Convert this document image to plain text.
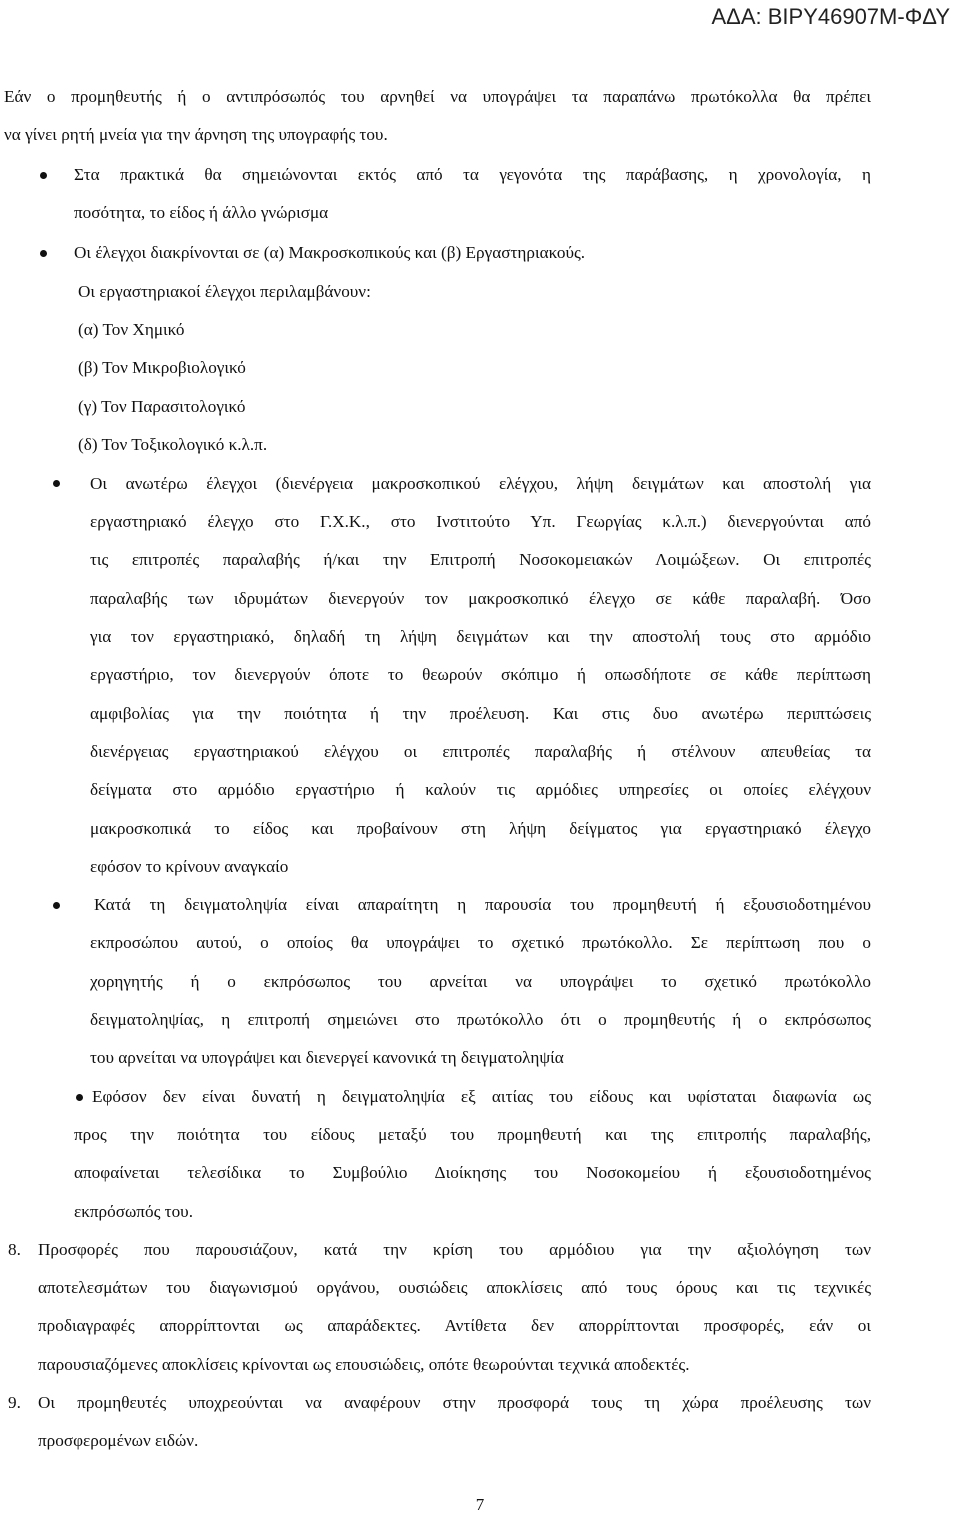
ΑΔΑ: ΒΙΡΥ46907Μ-ΦΔΥ
Εάν ο προμηθευτής ή ο αντιπρόσωπός του αρνηθεί να υπογράψει τα παραπάνω πρωτόκολλα θα πρέπει
να γίνει ρητή μνεία για την άρνηση της υπογραφής του.
Στα πρακτικά θα σημειώνονται εκτός από τα γεγονότα της παράβασης, η χρονολογία, η
ποσότητα, το είδος ή άλλο γνώρισμα
Οι έλεγχοι διακρίνονται σε (α) Μακροσκοπικούς και (β) Εργαστηριακούς.
Οι εργαστηριακοί έλεγχοι περιλαμβάνουν:
(α) Τον Χημικό
(β) Τον Μικροβιολογικό
(γ) Τον Παρασιτολογικό
(δ) Τον Τοξικολογικό κ.λ.π.
Οι ανωτέρω έλεγχοι (διενέργεια μακροσκοπικού ελέγχου, λήψη δειγμάτων και αποστολή για
εργαστηριακό έλεγχο στο Γ.Χ.Κ., στο Ινστιτούτο Υπ. Γεωργίας κ.λ.π.) διενεργούνται από
τις επιτροπές παραλαβής ή/και την Επιτροπή Νοσοκομειακών Λοιμώξεων. Οι επιτροπές
παραλαβής των ιδρυμάτων διενεργούν τον μακροσκοπικό έλεγχο σε κάθε παραλαβή. Όσο
για τον εργαστηριακό, δηλαδή τη λήψη δειγμάτων και την αποστολή τους στο αρμόδιο
εργαστήριο, τον διενεργούν όποτε το θεωρούν σκόπιμο ή οπωσδήποτε σε κάθε περίπτωση
αμφιβολίας για την ποιότητα ή την προέλευση. Και στις δυο ανωτέρω περιπτώσεις
διενέργειας εργαστηριακού ελέγχου οι επιτροπές παραλαβής ή στέλνουν απευθείας τα
δείγματα στο αρμόδιο εργαστήριο ή καλούν τις αρμόδιες υπηρεσίες οι οποίες ελέγχουν
μακροσκοπικά το είδος και προβαίνουν στη λήψη δείγματος για εργαστηριακό έλεγχο
εφόσον το κρίνουν αναγκαίο
Κατά τη δειγματοληψία είναι απαραίτητη η παρουσία του προμηθευτή ή εξουσιοδοτημένου
εκπροσώπου αυτού, ο οποίος θα υπογράψει το σχετικό πρωτόκολλο. Σε περίπτωση που ο
χορηγητής ή ο εκπρόσωπος του αρνείται να υπογράψει το σχετικό πρωτόκολλο
δειγματοληψίας, η επιτροπή σημειώνει στο πρωτόκολλο ότι ο προμηθευτής ή ο εκπρόσωπος
του αρνείται να υπογράψει και διενεργεί κανονικά τη δειγματοληψία
Εφόσον δεν είναι δυνατή η δειγματοληψία εξ αιτίας του είδους και υφίσταται διαφωνία ως
προς την ποιότητα του είδους μεταξύ του προμηθευτή και της επιτροπής παραλαβής,
αποφαίνεται τελεσίδικα το Συμβούλιο Διοίκησης του Νοσοκομείου ή εξουσιοδοτημένος
εκπρόσωπός του.
8. Προσφορές που παρουσιάζουν, κατά την κρίση του αρμόδιου για την αξιολόγηση των
αποτελεσμάτων του διαγωνισμού οργάνου, ουσιώδεις αποκλίσεις από τους όρους και τις τεχνικές
προδιαγραφές απορρίπτονται ως απαράδεκτες. Αντίθετα δεν απορρίπτονται προσφορές, εάν οι
παρουσιαζόμενες αποκλίσεις κρίνονται ως επουσιώδεις, οπότε θεωρούνται τεχνικά αποδεκτές.
9. Οι προμηθευτές υποχρεούνται να αναφέρουν στην προσφορά τους τη χώρα προέλευσης των
προσφερομένων ειδών.
7
